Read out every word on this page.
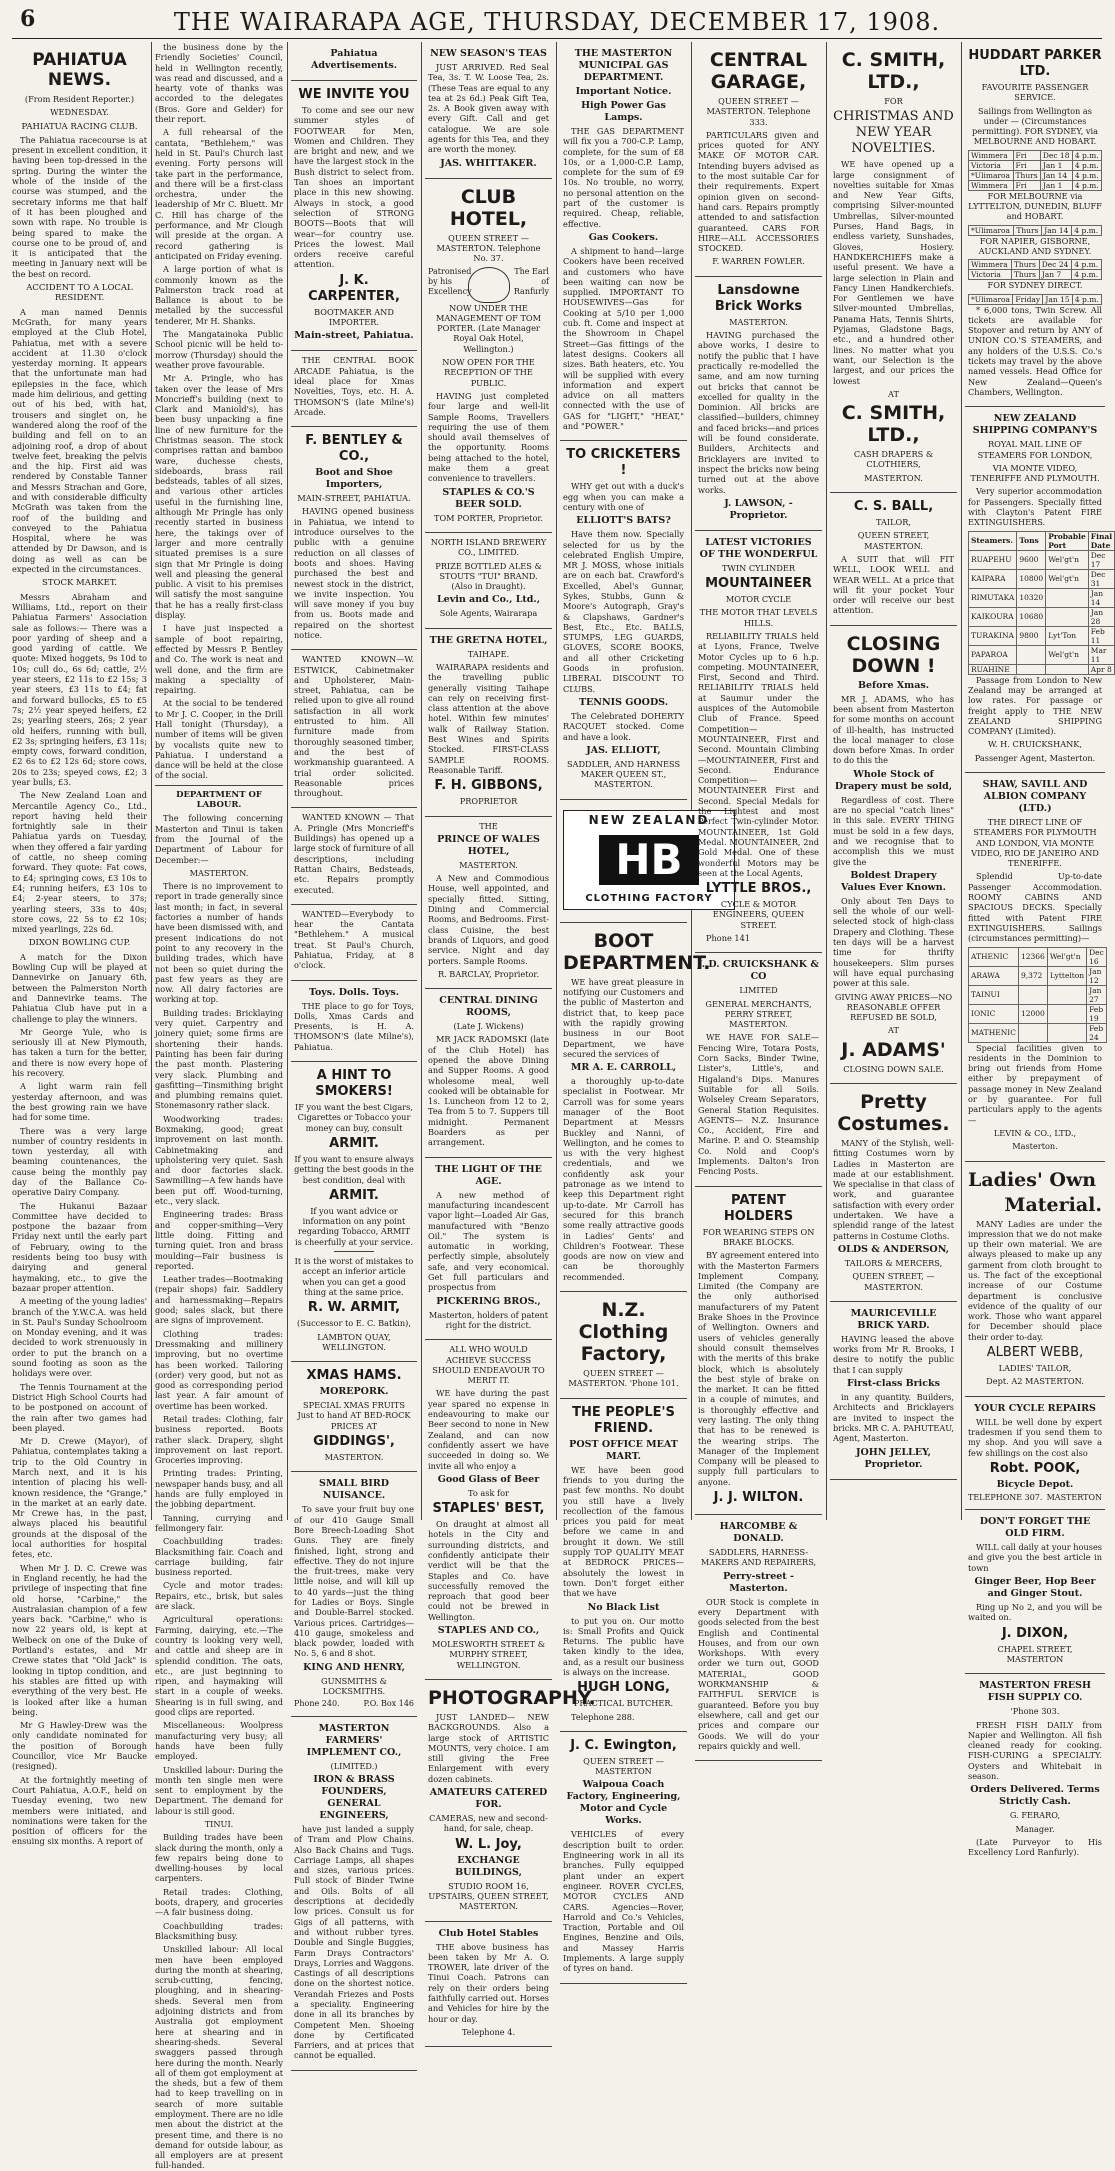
6	THE WAIRARAPA AGE, THURSDAY, DECEMBER 17, 1908.
PAHIATUA NEWS.

(From Resident Reporter.)

WEDNESDAY.

PAHIATUA RACING CLUB.

The Pahiatua racecourse is at present in excellent condition, it having been top-dressed in the spring. During the winter the whole of the inside of the course was stumped, and the secretary informs me that half of it has been ploughed and sown with rape. No trouble is being spared to make the course one to be proud of, and it is anticipated that the meeting in January next will be the best on record.

ACCIDENT TO A LOCAL RESIDENT.

A man named Dennis McGrath, for many years employed at the Club Hotel, Pahiatua, met with a severe accident at 11.30 o'clock yesterday morning. It appears that the unfortunate man had epilepsies in the face, which made him delirious, and getting out of his bed, with hat, trousers and singlet on, he wandered along the roof of the building and fell on to an adjoining roof, a drop of about twelve feet, breaking the pelvis and the hip. First aid was rendered by Constable Tanner and Messrs Strachan and Gore, and with considerable difficulty McGrath was taken from the roof of the building and conveyed to the Pahiatua Hospital, where he was attended by Dr Dawson, and is doing as well as can be expected in the circumstances.

STOCK MARKET.

Messrs Abraham and Williams, Ltd., report on their Pahiatua Farmers' Association sale as follows:— There was a poor yarding of sheep and a good yarding of cattle. We quote: Mixed hoggets, 9s 10d to 10s; cull do., 6s 6d; cattle, 2½ year steers, £2 11s to £2 15s; 3 year steers, £3 11s to £4; fat and forward bullocks, £5 to £5 7s; 2½ year speyed heifers, £2 2s; yearling steers, 26s; 2 year old heifers, running with bull, £2 3s; springing heifers, £3 11s; empty cows, forward condition, £2 6s to £2 12s 6d; store cows, 20s to 23s; speyed cows, £2; 3 year bulls, £3.

The New Zealand Loan and Mercantile Agency Co., Ltd., report having held their fortnightly sale in their Pahiatua yards on Tuesday, when they offered a fair yarding of cattle, no sheep coming forward. They quote: Fat cows, to £4; springing cows, £3 10s to £4; running heifers, £3 10s to £4; 2-year steers, to 37s; yearling steers, 33s to 40s; store cows, 22 5s to £2 10s; mixed yearlings, 22s 6d.

DIXON BOWLING CUP.

A match for the Dixon Bowling Cup will be played at Dannevirke on January 6th, between the Palmerston North and Dannevirke teams. The Pahiatua Club have put in a challenge to play the winners.

Mr George Yule, who is seriously ill at New Plymouth, has taken a turn for the better, and there is now every hope of his recovery.

A light warm rain fell yesterday afternoon, and was the best growing rain we have had for some time.

There was a very large number of country residents in town yesterday, all with beaming countenances, the cause being the monthly pay day of the Ballance Co-operative Dairy Company.

The Hukanui Bazaar Committee have decided to postpone the bazaar from Friday next until the early part of February, owing to the residents being too busy with dairying and general haymaking, etc., to give the bazaar proper attention.

A meeting of the young ladies' branch of the Y.W.C.A. was held in St. Paul's Sunday Schoolroom on Monday evening, and it was decided to work strenuously in order to put the branch on a sound footing as soon as the holidays were over.

The Tennis Tournament at the District High School Courts had to be postponed on account of the rain after two games had been played.

Mr D. Crewe (Mayor), of Pahiatua, contemplates taking a trip to the Old Country in March next, and it is his intention of placing his well-known residence, the "Grange," in the market at an early date. Mr Crewe has, in the past, always placed his beautiful grounds at the disposal of the local authorities for hospital fetes, etc.

When Mr J. D. C. Crewe was in England recently, he had the privilege of inspecting that fine old horse, "Carbine," the Australasian champion of a few years back. "Carbine," who is now 22 years old, is kept at Welbeck on one of the Duke of Portland's estates, and Mr Crewe states that "Old Jack" is looking in tiptop condition, and his stables are fitted up with everything of the very best. He is looked after like a human being.

Mr G Hawley-Drew was the only candidate nominated for the position of Borough Councillor, vice Mr Baucke (resigned).

At the fortnightly meeting of Court Pahiatua, A.O.F., held on Tuesday evening, two new members were initiated, and nominations were taken for the position of officers for the ensuing six months. A report of

the business done by the Friendly Societies' Council, held in Wellington recently, was read and discussed, and a hearty vote of thanks was accorded to the delegates (Bros. Gore and Gelder) for their report.

A full rehearsal of the cantata, "Bethlehem," was held in St. Paul's Church last evening. Forty persons will take part in the performance, and there will be a first-class orchestra, under the leadership of Mr C. Bluett. Mr C. Hill has charge of the performance, and Mr Clough will preside at the organ. A record gathering is anticipated on Friday evening.

A large portion of what is commonly known as the Palmerston track road at Ballance is about to be metalled by the successful tenderer, Mr H. Shanks.

The Mangatainoka Public School picnic will be held to-morrow (Thursday) should the weather prove favourable.

Mr A. Pringle, who has taken over the lease of Mrs Moncrieff's building (next to Clark and Maniold's), has been busy unpacking a fine line of new furniture for the Christmas season. The stock comprises rattan and bamboo ware, duchesse chests, sideboards, brass rail bedsteads, tables of all sizes, and various other articles useful in the furnishing line, although Mr Pringle has only recently started in business here, the takings over of larger and more centrally situated premises is a sure sign that Mr Pringle is doing well and pleasing the general public. A visit to his premises will satisfy the most sanguine that he has a really first-class display.

I have just inspected a sample of boot repairing, effected by Messrs P. Bentley and Co. The work is neat and well done, and the firm are making a speciality of repairing.

At the social to be tendered to Mr J. C. Cooper, in the Drill Hall tonight (Thursday), a number of items will be given by vocalists quite new to Pahiatua. I understand a dance will be held at the close of the social.

DEPARTMENT OF LABOUR.

The following concerning Masterton and Tinui is taken from the Journal of the Department of Labour for December:—

MASTERTON.

There is no improvement to report in trade generally since last month; in fact, in several factories a number of hands have been dismissed with, and present indications do not point to any recovery in the building trades, which have not been so quiet during the past few years as they are now. All dairy factories are working at top.

Building trades: Bricklaying very quiet. Carpentry and joinery quiet; some firms are shortening their hands. Painting has been fair during the past month. Plastering very slack. Plumbing and gasfitting—Tinsmithing bright and plumbing remains quiet. Stonemasonry rather slack.

Woodworking trades: Boxmaking, good; great improvement on last month. Cabinetmaking and upholstering very quiet. Sash and door factories slack. Sawmilling—A few hands have been put off. Wood-turning, etc., very slack.

Engineering trades: Brass and copper-smithing—Very little doing. Fitting and turning quiet. Iron and brass moulding—Fair business is reported.

Leather trades—Bootmaking (repair shops) fair. Saddlery and harnessmaking—Repairs good; sales slack, but there are signs of improvement.

Clothing trades: Dressmaking and millinery improving, but no overtime has been worked. Tailoring (order) very good, but not as good as corresponding period last year. A fair amount of overtime has been worked.

Retail trades: Clothing, fair business reported. Boots rather slack. Drapery, slight improvement on last report. Groceries improving.

Printing trades: Printing, newspaper hands busy, and all hands are fully employed in the jobbing department.

Tanning, currying and fellmongery fair.

Coachbuilding trades: Blacksmithing fair. Coach and carriage building, fair business reported.

Cycle and motor trades: Repairs, etc., brisk, but sales are slack.

Agricultural operations: Farming, dairying, etc.—The country is looking very well, and cattle and sheep are in splendid condition. The oats, etc., are just beginning to ripen, and haymaking will start in a couple of weeks. Shearing is in full swing, and good clips are reported.

Miscellaneous: Woolpress manufacturing very busy; all hands have been fully employed.

Unskilled labour: During the month ten single men were sent to employment by the Department. The demand for labour is still good.

TINUI.

Building trades have been slack during the month, only a few repairs being done to dwelling-houses by local carpenters.

Retail trades: Clothing, boots, drapery, and groceries—A fair business doing.

Coachbuilding trades: Blacksmithing busy.

Unskilled labour: All local men have been employed during the month at shearing, scrub-cutting, fencing, ploughing, and in shearing-sheds. Several men from adjoining districts and from Australia got employment here at shearing and in shearing-sheds. Several swaggers passed through here during the month. Nearly all of them got employment at the sheds, but a few of them had to keep travelling on in search of more suitable employment. There are no idle men about the district at the present time, and there is no demand for outside labour, as all employers are at present full-handed.

Pahiatua Advertisements.
WE INVITE YOU

To come and see our new summer styles of FOOTWEAR for Men, Women and Children. They are bright and new, and we have the largest stock in the Bush district to select from. Tan shoes an important place in this new showing. Always in stock, a good selection of STRONG BOOTS—Boots that will wear—for country use. Prices the lowest. Mail orders receive careful attention.

J. K. CARPENTER,

BOOTMAKER AND IMPORTER.

Main-street, Pahiatua.

THE CENTRAL BOOK ARCADE Pahiatua, is the ideal place for Xmas Novelties, Toys, etc. H. A. THOMSON'S (late Milne's) Arcade.

F. BENTLEY & CO.,
Boot and Shoe Importers,

MAIN-STREET, PAHIATUA.

HAVING opened business in Pahiatua, we intend to introduce ourselves to the public with a genuine reduction on all classes of boots and shoes. Having purchased the best and newest stock in the district, we invite inspection. You will save money if you buy from us. Boots made and repaired on the shortest notice.

WANTED KNOWN—W. ESTWICK, Cabinetmaker and Upholsterer, Main-street, Pahiatua, can be relied upon to give all round satisfaction in all work entrusted to him. All furniture made from thoroughly seasoned timber, and the best of workmanship guaranteed. A trial order solicited. Reasonable prices throughout.

WANTED KNOWN — That A. Pringle (Mrs Moncrieff's Buildings) has opened up a large stock of furniture of all descriptions, including Rattan Chairs, Bedsteads, etc. Repairs promptly executed.

WANTED—Everybody to hear the Cantata "Bethlehem." A musical treat. St Paul's Church, Pahiatua, Friday, at 8 o'clock.

Toys. Dolls. Toys.

THE place to go for Toys, Dolls, Xmas Cards and Presents, is H. A. THOMSON'S (late Milne's), Pahiatua.

A HINT TO SMOKERS!

IF you want the best Cigars, Cigarettes or Tobacco your money can buy, consult

ARMIT.

If you want to ensure always getting the best goods in the best condition, deal with

ARMIT.

If you want advice or information on any point regarding Tobacco, ARMIT is cheerfully at your service.

It is the worst of mistakes to accept an inferior article when you can get a good thing at the same price.

R. W. ARMIT,

(Successor to E. C. Batkin),

LAMBTON QUAY, WELLINGTON.

XMAS HAMS.
MOREPORK.

SPECIAL XMAS FRUITS Just to hand AT BED-ROCK PRICES AT

GIDDINGS',

MASTERTON.

SMALL BIRD NUISANCE.

To save your fruit buy one of our 410 Gauge Small Bore Breech-Loading Shot Guns. They are finely finished, light, strong and effective. They do not injure the fruit-trees, make very little noise, and will kill up to 40 yards—just the thing for Ladies or Boys. Single and Double-Barrel stocked. Various prices. Cartridges—410 gauge, smokeless and black powder, loaded with No. 5, 6 and 8 shot.

KING AND HENRY,

GUNSMITHS & LOCKSMITHS.

Phone 240.	P.O. Box 146
MASTERTON FARMERS' IMPLEMENT CO.,

(LIMITED.)

IRON & BRASS FOUNDERS, GENERAL ENGINEERS,

have just landed a supply of Tram and Plow Chains. Also Back Chains and Tugs. Carriage Lamps, all shapes and sizes, various prices. Full stock of Binder Twine and Oils. Bolts of all descriptions at decidedly low prices. Consult us for Gigs of all patterns, with and without rubber tyres. Double and Single Buggies, Farm Drays Contractors' Drays, Lorries and Waggons. Castings of all descriptions done on the shortest notice. Verandah Friezes and Posts a speciality. Engineering done in all its branches by Competent Men. Shoeing done by Certificated Farriers, and at prices that cannot be equalled.

NEW SEASON'S TEAS

JUST ARRIVED. Red Seal Tea, 3s. T. W. Loose Tea, 2s. (These Teas are equal to any tea at 2s 6d.) Peak Gift Tea, 2s. A Book given away with every Gift. Call and get catalogue. We are sole agents for this Tea, and they are worth the money.

JAS. WHITTAKER.
CLUB HOTEL,

QUEEN STREET — MASTERTON. Telephone No. 37.

Patronised by his Excellency
The Earl of Ranfurly

NOW UNDER THE MANAGEMENT OF TOM PORTER. (Late Manager Royal Oak Hotel, Wellington.)

NOW OPEN FOR THE RECEPTION OF THE PUBLIC.

HAVING just completed four large and well-lit Sample Rooms, Travellers requiring the use of them should avail themselves of the opportunity. Rooms being attached to the hotel, make them a great convenience to travellers.

STAPLES & CO.'S BEER SOLD.

TOM PORTER, Proprietor.

NORTH ISLAND BREWERY CO., LIMITED.

PRIZE BOTTLED ALES & STOUTS "TUI" BRAND. (Also in Draught).

Levin and Co., Ltd.,

Sole Agents, Wairarapa

THE GRETNA HOTEL,

TAIHAPE.

WAIRARAPA residents and the travelling public generally visiting Taihape can rely on receiving first-class attention at the above hotel. Within few minutes' walk of Railway Station. Best Wines and Spirits Stocked. FIRST-CLASS SAMPLE ROOMS. Reasonable Tariff.

F. H. GIBBONS,

PROPRIETOR

THE

PRINCE OF WALES HOTEL,

MASTERTON.

A New and Commodious House, well appointed, and specially fitted. Sitting, Dining and Commercial Rooms, and Bedrooms. First-class Cuisine, the best brands of Liquors, and good service. Night and day porters. Sample Rooms.

R. BARCLAY, Proprietor.

CENTRAL DINING ROOMS,

(Late J. Wickens)

MR JACK RADOMSKI (late of the Club Hotel) has opened the above Dining and Supper Rooms. A good wholesome meal, well cooked will be obtainable for 1s. Luncheon from 12 to 2, Tea from 5 to 7. Suppers till midnight. Permanent Boarders as per arrangement.

THE LIGHT OF THE AGE.

A new method of manufacturing incandescent vapor light—Loaded Air Gas, manufactured with "Benzo Oil." The system is automatic in working, perfectly simple, absolutely safe, and very economical. Get full particulars and prospectus from

PICKERING BROS.,

Masterton, holders of patent right for the district.

ALL WHO WOULD ACHIEVE SUCCESS SHOULD ENDEAVOUR TO MERIT IT.

WE have during the past year spared no expense in endeavouring to make our Beer second to none in New Zealand, and can now confidently assert we have succeeded in doing so. We invite all who enjoy a

Good Glass of Beer

To ask for

STAPLES' BEST,

On draught at almost all hotels in the City and surrounding districts, and confidently anticipate their verdict will be that the Staples and Co. have successfully removed the reproach that good beer could not be brewed in Wellington.

STAPLES AND CO.,

MOLESWORTH STREET & MURPHY STREET, WELLINGTON.

PHOTOGRAPHY.

JUST LANDED— NEW BACKGROUNDS. Also a large stock of ARTISTIC MOUNTS, very choice. I am still giving the Free Enlargement with every dozen cabinets.

AMATEURS CATERED FOR.

CAMERAS, new and second-hand, for sale, cheap.

W. L. Joy,
EXCHANGE BUILDINGS,

STUDIO ROOM 16, UPSTAIRS, QUEEN STREET, MASTERTON.

Club Hotel Stables

THE above business has been taken by Mr A. O. TROWER, late driver of the Tinui Coach. Patrons can rely on their orders being faithfully carried out. Horses and Vehicles for hire by the hour or day.

Telephone 4.

THE MASTERTON MUNICIPAL GAS DEPARTMENT.
Important Notice.
High Power Gas Lamps.

THE GAS DEPARTMENT will fix you a 700-C.P. Lamp, complete, for the sum of £8 10s, or a 1,000-C.P. Lamp, complete for the sum of £9 10s. No trouble, no worry, no personal attention on the part of the customer is required. Cheap, reliable, effective.

Gas Cookers.

A shipment to hand—large Cookers have been received and customers who have been waiting can now be supplied. IMPORTANT TO HOUSEWIVES—Gas for Cooking at 5/10 per 1,000 cub. ft. Come and inspect at the Showroom in Chapel Street—Gas fittings of the latest designs. Cookers all sizes. Bath heaters, etc. You will be supplied with every information and expert advice on all matters connected with the use of GAS for "LIGHT," "HEAT," and "POWER."

TO CRICKETERS !

WHY get out with a duck's egg when you can make a century with one of

ELLIOTT'S BATS?

Have them now. Specially selected for us by the celebrated English Umpire, MR J. MOSS, whose initials are on each bat. Crawford's Excelled, Abel's Gunnar, Sykes, Stubbs, Gunn & Moore's Autograph, Gray's & Clapshaws, Gardner's Best, Etc., Etc. BALLS, STUMPS, LEG GUARDS, GLOVES, SCORE BOOKS, and all other Cricketing Goods in profusion. LIBERAL DISCOUNT TO CLUBS.

TENNIS GOODS.

The Celebrated DOHERTY RACQUET stocked. Come and have a look.

JAS. ELLIOTT,

SADDLER, AND HARNESS MAKER QUEEN ST., MASTERTON.

NEW ZEALAND
HB
CLOTHING FACTORY
BOOT DEPARTMENT.

WE have great pleasure in notifying our Customers and the public of Masterton and district that, to keep pace with the rapidly growing business in our Boot Department, we have secured the services of

MR A. E. CARROLL,

a thoroughly up-to-date specialist in Footwear. Mr Carroll was for some years manager of the Boot Department at Messrs Buckley and Nanni, of Wellington, and he comes to us with the very highest credentials, and we confidently ask your patronage as we intend to keep this Department right up-to-date. Mr Carroll has secured for this branch some really attractive goods in Ladies' Gents' and Children's Footwear. These goods are now on view and can be thoroughly recommended.

N.Z. Clothing Factory,

QUEEN STREET — MASTERTON. 'Phone 101.

THE PEOPLE'S FRIEND.
POST OFFICE MEAT MART.

WE have been good friends to you during the past few months. No doubt you still have a lively recollection of the famous prices you paid for meat before we came in and brought it down. We still supply TOP QUALITY MEAT at BEDROCK PRICES—absolutely the lowest in town. Don't forget either that we have

No Black List

to put you on. Our motto is: Small Profits and Quick Returns. The public have taken kindly to the idea, and, as a result our business is always on the increase.

HUGH LONG,

PRACTICAL BUTCHER.

Telephone 288.

J. C. Ewington,

QUEEN STREET — MASTERTON

Waipoua Coach Factory, Engineering, Motor and Cycle Works.

VEHICLES of every description built to order. Engineering work in all its branches. Fully equipped plant under an expert engineer. ROVER CYCLES, MOTOR CYCLES AND CARS. Agencies—Rover, Harrold and Co.'s Vehicles, Traction, Portable and Oil Engines, Benzine and Oils, and Massey Harris Implements. A large supply of tyres on hand.

CENTRAL GARAGE,

QUEEN STREET — MASTERTON. Telephone 333.

PARTICULARS given and prices quoted for ANY MAKE OF MOTOR CAR. Intending buyers advised as to the most suitable Car for their requirements. Expert opinion given on second-hand cars. Repairs promptly attended to and satisfaction guaranteed. CARS FOR HIRE—ALL ACCESSORIES STOCKED.

F. WARREN FOWLER.

Lansdowne Brick Works

MASTERTON.

HAVING purchased the above works, I desire to notify the public that I have practically re-modelled the same, and am now turning out bricks that cannot be excelled for quality in the Dominion. All bricks are classified—builders, chimney and faced bricks—and prices will be found considerate. Builders, Architects and Bricklayers are invited to inspect the bricks now being turned out at the above works.

J. LAWSON, - Proprietor.
LATEST VICTORIES OF THE WONDERFUL

TWIN CYLINDER

MOUNTAINEER

MOTOR CYCLE

THE MOTOR THAT LEVELS HILLS.

RELIABILITY TRIALS held at Lyons, France, Twelve Motor Cycles up to 6 h.p. competing. MOUNTAINEER, First, Second and Third. RELIABILITY TRIALS held at Saumur under the auspices of the Automobile Club of France. Speed Competition—MOUNTAINEER, First and Second. Mountain Climbing—MOUNTAINEER, First and Second. Endurance Competition—MOUNTAINEER First and Second. Special Medals for the Lightest and most Perfect Twin-cylinder Motor. MOUNTAINEER, 1st Gold Medal. MOUNTAINEER, 2nd Gold Medal. One of these wonderful Motors may be seen at the Local Agents,

LYTTLE BROS.,

CYCLE & MOTOR ENGINEERS, QUEEN STREET.

Phone 141

J. D. CRUICKSHANK & CO

LIMITED

GENERAL MERCHANTS, PERRY STREET, MASTERTON.

WE HAVE FOR SALE— Fencing Wire, Totara Posts, Corn Sacks, Binder Twine, Lister's, Little's, and Higaland's Dips. Manures Suitable for all Soils. Wolseley Cream Separators, General Station Requisites. AGENTS— N.Z. Insurance Co., Accident, Fire and Marine. P. and O. Steamship Co. Nold and Coop's Implements. Dalton's Iron Fencing Posts.

PATENT HOLDERS

FOR WEARING STEPS ON BRAKE BLOCKS.

BY agreement entered into with the Masterton Farmers Implement Company, Limited (the Company are the only authorised manufacturers of my Patent Brake Shoes in the Province of Wellington. Owners and users of vehicles generally should consult themselves with the merits of this brake block, which is absolutely the best style of brake on the market. It can be fitted in a couple of minutes, and is thoroughly effective and very lasting. The only thing that has to be renewed is the wearing strips. The Manager of the Implement Company will be pleased to supply full particulars to anyone.

J. J. WILTON.
HARCOMBE & DONALD.

SADDLERS, HARNESS-MAKERS AND REPAIRERS,

Perry-street - Masterton.

OUR Stock is complete in every Department with goods selected from the best English and Continental Houses, and from our own Workshops. With every order we turn out, GOOD MATERIAL, GOOD WORKMANSHIP & FAITHFUL SERVICE is guaranteed. Before you buy elsewhere, call and get our prices and compare our Goods. We will do your repairs quickly and well.

C. SMITH, LTD.,

FOR

CHRISTMAS AND NEW YEAR NOVELTIES.

WE have opened up a large consignment of novelties suitable for Xmas and New Year Gifts, comprising Silver-mounted Umbrellas, Silver-mounted Purses, Hand Bags, in endless variety, Sunshades, Gloves, Hosiery. HANDKERCHIEFS make a useful present. We have a large selection in Plain and Fancy Linen Handkerchiefs. For Gentlemen we have Silver-mounted Umbrellas, Panama Hats, Tennis Shirts, Pyjamas, Gladstone Bags, etc., and a hundred other lines. No matter what you want, our Selection is the largest, and our prices the lowest

AT

C. SMITH, LTD.,

CASH DRAPERS & CLOTHIERS,

MASTERTON.

C. S. BALL,

TAILOR,

QUEEN STREET, MASTERTON.

A SUIT that will FIT WELL, LOOK WELL and WEAR WELL. At a price that will fit your pocket Your order will receive our best attention.

CLOSING DOWN !
Before Xmas.

MR J. ADAMS, who has been absent from Masterton for some months on account of ill-health, has instructed the local manager to close down before Xmas. In order to do this the

Whole Stock of Drapery must be sold,

Regardless of cost. There are no special "catch lines" in this sale. EVERY THING must be sold in a few days, and we recognise that to accomplish this we must give the

Boldest Drapery Values Ever Known.

Only about Ten Days to sell the whole of our well-selected stock of high-class Drapery and Clothing. These ten days will be a harvest time for thrifty housekeepers. Slim purses will have equal purchasing power at this sale.

GIVING AWAY PRICES—NO REASONABLE OFFER REFUSED BE SOLD,

AT

J. ADAMS'

CLOSING DOWN SALE.

Pretty Costumes.

MANY of the Stylish, well-fitting Costumes worn by Ladies in Masterton are made at our establishment. We specialise in that class of work, and guarantee satisfaction with every order undertaken. We have a splendid range of the latest patterns in Costume Cloths.

OLDS & ANDERSON,

TAILORS & MERCERS,

QUEEN STREET, — MASTERTON.

MAURICEVILLE BRICK YARD.

HAVING leased the above works from Mr R. Brooks, I desire to notify the public that I can supply

First-class Bricks

in any quantity. Builders, Architects and Bricklayers are invited to inspect the bricks. MR C. A. PAHUTEAU, Agent, Masterton.

JOHN JELLEY, Proprietor.
HUDDART PARKER LTD.

FAVOURITE PASSENGER SERVICE.

Sailings from Wellington as under — (Circumstances permitting). FOR SYDNEY, via MELBOURNE AND HOBART.

Wimmera	Fri	Dec 18	4 p.m.
Victoria	Fri	Jan 1	4 p.m.
*Ulimaroa	Thurs	Jan 14	4 p.m.
Wimmera	Fri	Jan 1	4 p.m.

FOR MELBOURNE via LYTTELTON, DUNEDIN, BLUFF and HOBART.

*Ulimaroa	Thurs	Jan 14	4 p.m.

FOR NAPIER, GISBORNE, AUCKLAND AND SYDNEY.

Wimmera	Thurs	Dec 24	4 p.m.
Victoria	Thurs	Jan 7	4 p.m.

FOR SYDNEY DIRECT.

*Ulimaroa	Friday	Jan 15	4 p.m.

* 6,000 tons, Twin Screw. All tickets are available for Stopover and return by ANY of UNION CO.'S STEAMERS, and any holders of the U.S.S. Co.'s tickets may travel by the above named vessels. Head Office for New Zealand—Queen's Chambers, Wellington.

NEW ZEALAND SHIPPING COMPANY'S

ROYAL MAIL LINE OF STEAMERS FOR LONDON,

VIA MONTE VIDEO, TENERIFFE AND PLYMOUTH.

Very superior accommodation for Passengers. Specially fitted with Clayton's Patent FIRE EXTINGUISHERS.

Steamers.	Tons	Probable Port	Final Date
RUAPEHU	9600	Wel'gt'n	Dec 17
KAIPARA	10800	Wel'gt'n	Dec 31
RIMUTAKA	10320		Jan 14
KAIKOURA	10680		Jan 28
TURAKINA	9800	Lyt'Ton	Feb 11
PAPAROA		Wel'gt'n	Mar 11
RUAHINE			Apr 8

Passage from London to New Zealand may be arranged at low rates. For passage or freight apply to THE NEW ZEALAND SHIPPING COMPANY (Limited).

W. H. CRUICKSHANK,

Passenger Agent, Masterton.

SHAW, SAVILL AND ALBION COMPANY (LTD.)

THE DIRECT LINE OF STEAMERS FOR PLYMOUTH AND LONDON, VIA MONTE VIDEO, RIO DE JANEIRO AND TENERIFFE.

Splendid Up-to-date Passenger Accommodation. ROOMY CABINS AND SPACIOUS DECKS. Specially fitted with Patent FIRE EXTINGUISHERS. Sailings (circumstances permitting)—

ATHENIC	12366	Wel'gt'n	Dec 16
ARAWA	9,372	Lyttelton	Jan 12
TAINUI			Jan 27
IONIC	12000		Feb 19
MATHENIC			Feb 24

Special facilities given to residents in the Dominion to bring out friends from Home either by prepayment of passage money in New Zealand or by guarantee. For full particulars apply to the agents—

LEVIN & CO., LTD.,

Masterton.

Ladies' Own
Material.

MANY Ladies are under the impression that we do not make up their own material. We are always pleased to make up any garment from cloth brought to us. The fact of the exceptional increase of our Costume department is conclusive evidence of the quality of our work. Those who want apparel for December should place their order to-day.

ALBERT WEBB,

LADIES' TAILOR,

Dept. A2 MASTERTON.

YOUR CYCLE REPAIRS

WILL be well done by expert tradesmen if you send them to my shop. And you will save a few shillings on the cost also

Robt. POOK,
Bicycle Depot.
TELEPHONE 307. MASTERTON
DON'T FORGET THE OLD FIRM.

WILL call daily at your houses and give you the best article in town

Ginger Beer, Hop Beer and Ginger Stout.

Ring up No 2, and you will be waited on.

J. DIXON,

CHAPEL STREET, MASTERTON

MASTERTON FRESH FISH SUPPLY CO.

'Phone 303.

FRESH FISH DAILY from Napier and Wellington. All fish cleaned ready for cooking. FISH-CURING a SPECIALTY. Oysters and Whitebait in season.

Orders Delivered. Terms Strictly Cash.

G. FERARO,

Manager.

(Late Purveyor to His Excellency Lord Ranfurly).
